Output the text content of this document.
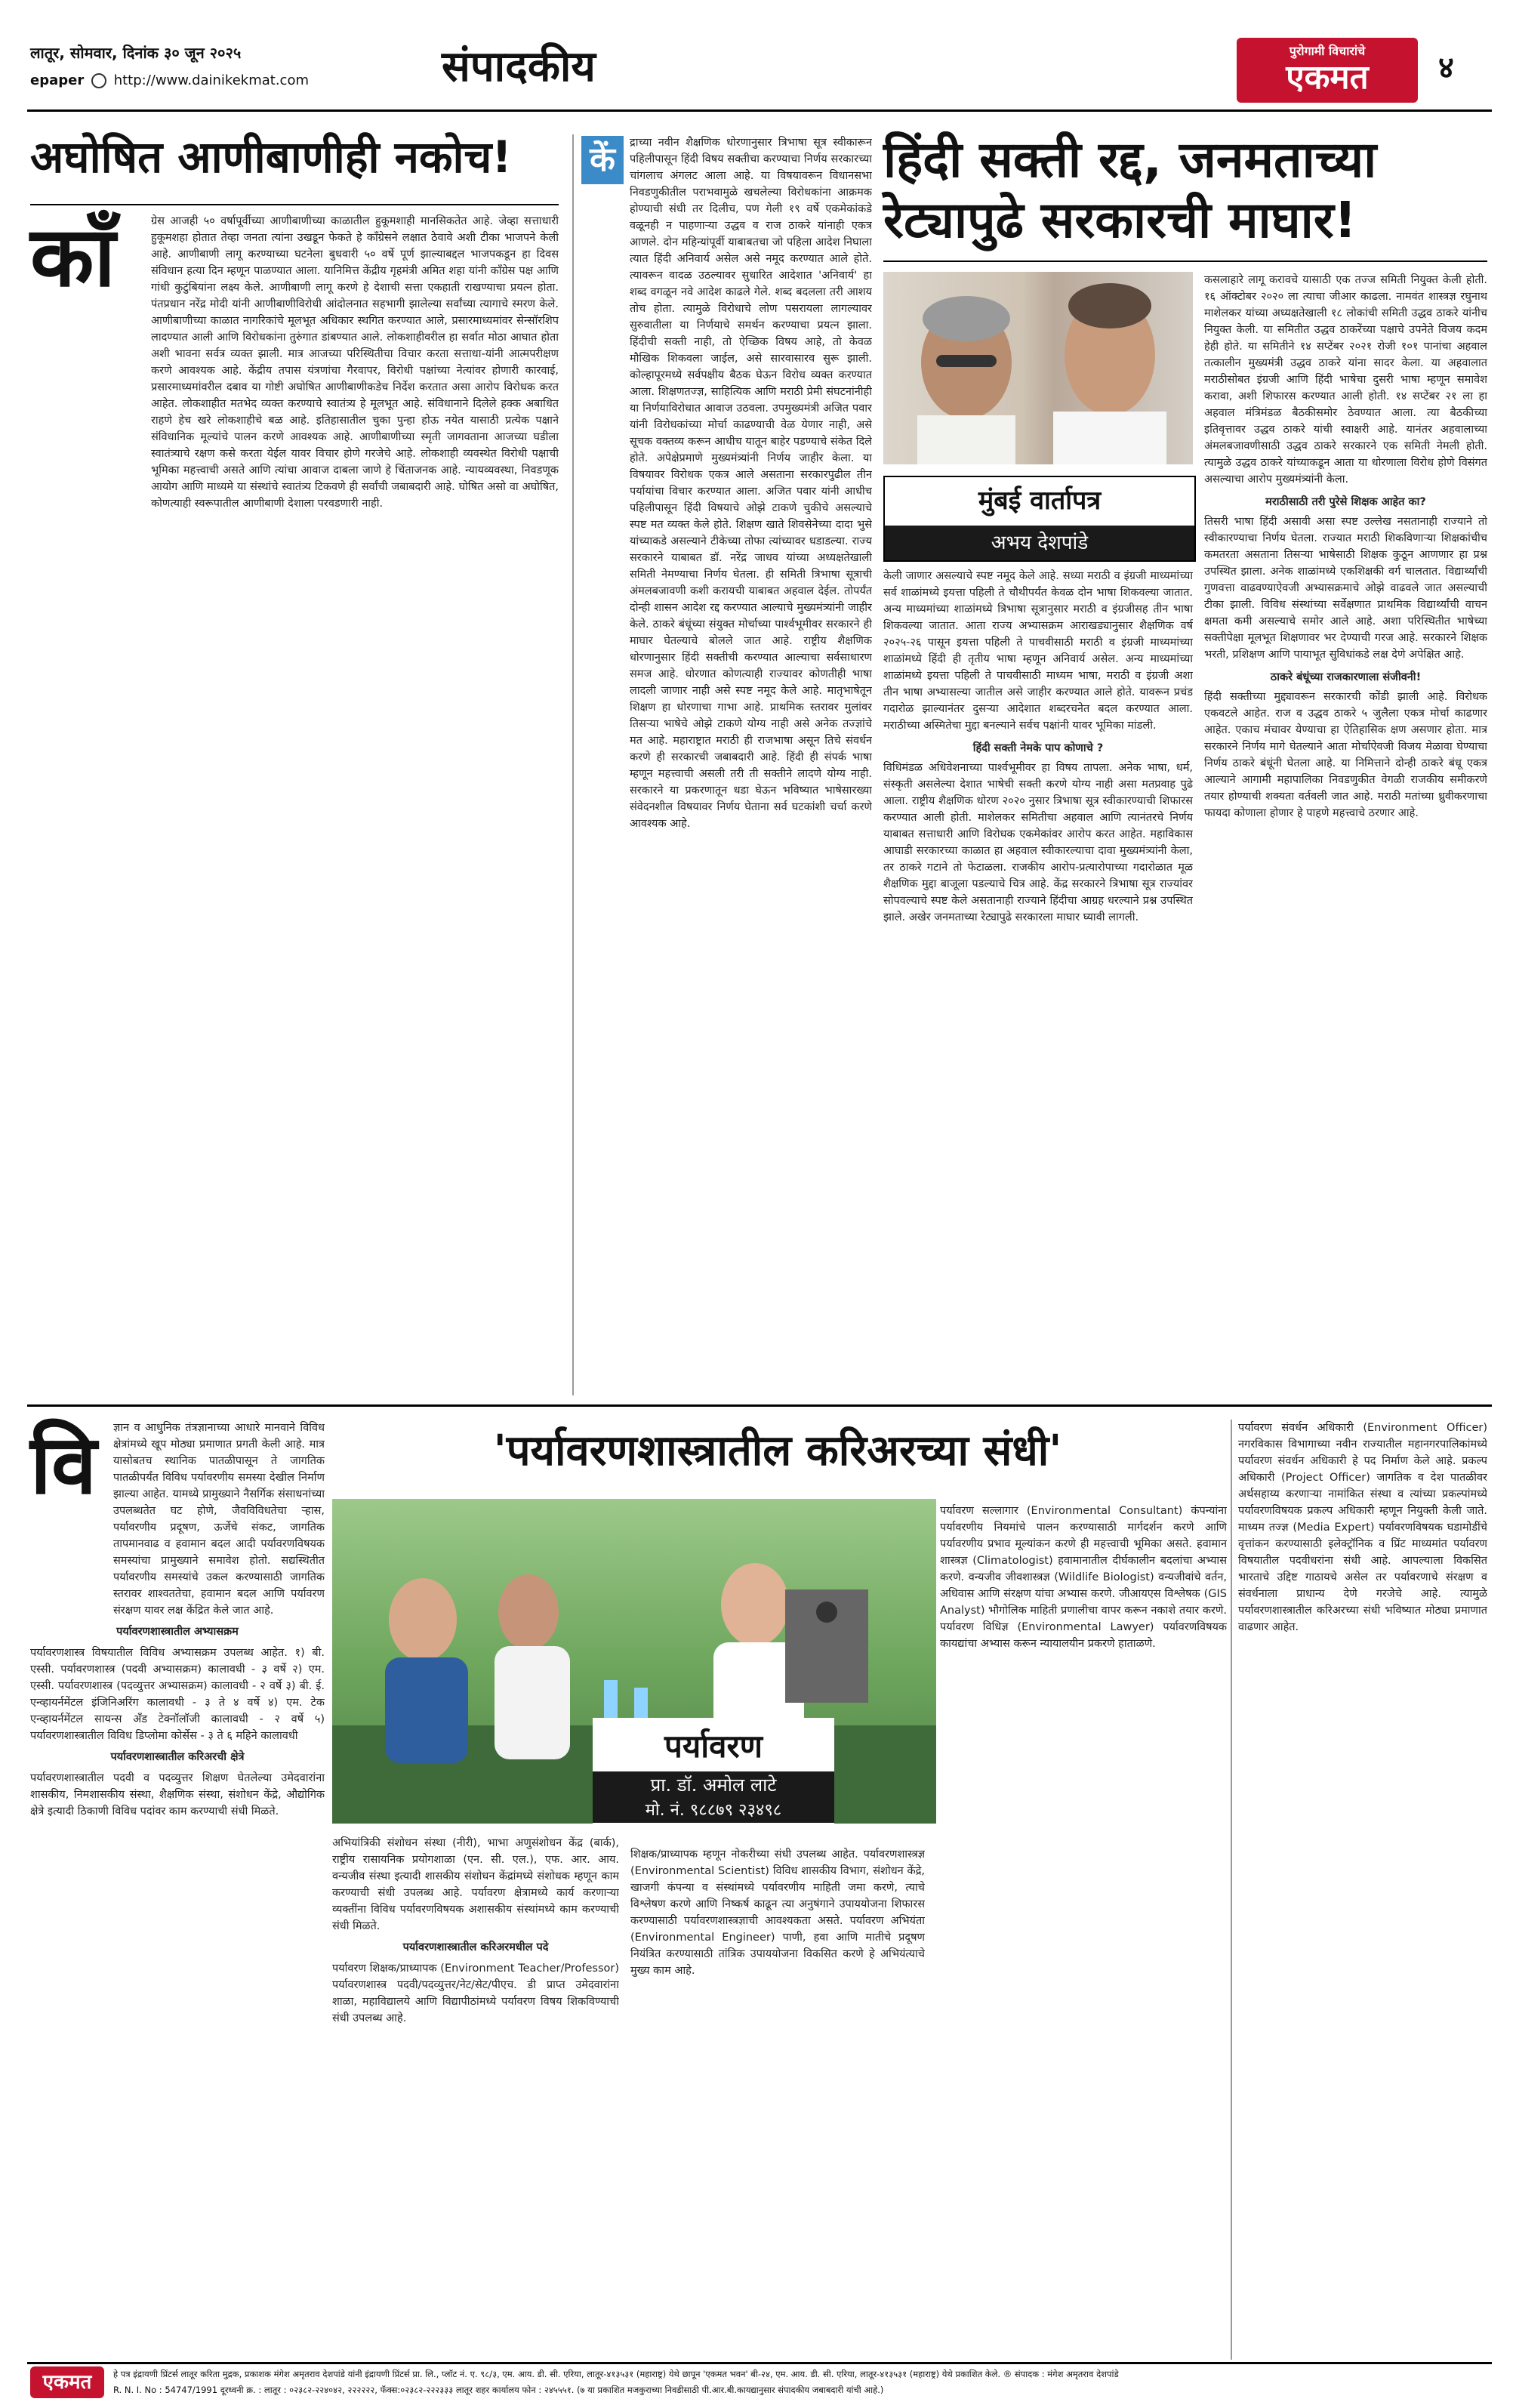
लातूर, सोमवार, दिनांक ३० जून २०२५
epaper http://www.dainikekmat.com	संपादकीय	पुरोगामी विचारांचे
एकमत	४
अघोषित आणीबाणीही नकोच!
कॉं	ग्रेस आजही ५० वर्षापूर्वीच्या आणीबाणीच्या काळातील हुकूमशाही मानसिकतेत आहे. जेव्हा सत्ताधारी हुकूमशहा होतात तेव्हा जनता त्यांना उखडून फेकते हे कॉंग्रेसने लक्षात ठेवावे अशी टीका भाजपने केली आहे. आणीबाणी लागू करण्याच्या घटनेला बुधवारी ५० वर्षे पूर्ण झाल्याबद्दल भाजपकडून हा दिवस संविधान हत्या दिन म्हणून पाळण्यात आला. यानिमित्त केंद्रीय गृहमंत्री अमित शहा यांनी कॉंग्रेस पक्ष आणि गांधी कुटुंबियांना लक्ष्य केले. आणीबाणी लागू करणे हे देशाची सत्ता एकहाती राखण्याचा प्रयत्न होता. पंतप्रधान नरेंद्र मोदी यांनी आणीबाणीविरोधी आंदोलनात सहभागी झालेल्या सर्वांच्या त्यागाचे स्मरण केले. आणीबाणीच्या काळात नागरिकांचे मूलभूत अधिकार स्थगित करण्यात आले, प्रसारमाध्यमांवर सेन्सॉरशिप लादण्यात आली आणि विरोधकांना तुरुंगात डांबण्यात आले. लोकशाहीवरील हा सर्वात मोठा आघात होता अशी भावना सर्वत्र व्यक्त झाली. मात्र आजच्या परिस्थितीचा विचार करता सत्ताधा-यांनी आत्मपरीक्षण करणे आवश्यक आहे. केंद्रीय तपास यंत्रणांचा गैरवापर, विरोधी पक्षांच्या नेत्यांवर होणारी कारवाई, प्रसारमाध्यमांवरील दबाव या गोष्टी अघोषित आणीबाणीकडेच निर्देश करतात असा आरोप विरोधक करत आहेत. लोकशाहीत मतभेद व्यक्त करण्याचे स्वातंत्र्य हे मूलभूत आहे. संविधानाने दिलेले हक्क अबाधित राहणे हेच खरे लोकशाहीचे बळ आहे. इतिहासातील चुका पुन्हा होऊ नयेत यासाठी प्रत्येक पक्षाने संविधानिक मूल्यांचे पालन करणे आवश्यक आहे. आणीबाणीच्या स्मृती जागवताना आजच्या घडीला स्वातंत्र्याचे रक्षण कसे करता येईल यावर विचार होणे गरजेचे आहे. लोकशाही व्यवस्थेत विरोधी पक्षाची भूमिका महत्त्वाची असते आणि त्यांचा आवाज दाबला जाणे हे चिंताजनक आहे. न्यायव्यवस्था, निवडणूक आयोग आणि माध्यमे या संस्थांचे स्वातंत्र्य टिकवणे ही सर्वांची जबाबदारी आहे. घोषित असो वा अघोषित, कोणत्याही स्वरूपातील आणीबाणी देशाला परवडणारी नाही.

कें	द्राच्या नवीन शैक्षणिक धोरणानुसार त्रिभाषा सूत्र स्वीकारून पहिलीपासून हिंदी विषय सक्तीचा करण्याचा निर्णय सरकारच्या चांगलाच अंगलट आला आहे. या विषयावरून विधानसभा निवडणुकीतील पराभवामुळे खचलेल्या विरोधकांना आक्रमक होण्याची संधी तर दिलीच, पण गेली १९ वर्षे एकमेकांकडे वळूनही न पाहणाऱ्या उद्धव व राज ठाकरे यांनाही एकत्र आणले. दोन महिन्यांपूर्वी याबाबतचा जो पहिला आदेश निघाला त्यात हिंदी अनिवार्य असेल असे नमूद करण्यात आले होते. त्यावरून वादळ उठल्यावर सुधारित आदेशात 'अनिवार्य' हा शब्द वगळून नवे आदेश काढले गेले. शब्द बदलला तरी आशय तोच होता. त्यामुळे विरोधाचे लोण पसरायला लागल्यावर सुरुवातीला या निर्णयाचे समर्थन करण्याचा प्रयत्न झाला. हिंदीची सक्ती नाही, तो ऐच्छिक विषय आहे, तो केवळ मौखिक शिकवला जाईल, असे सारवासारव सुरू झाली. कोल्हापूरमध्ये सर्वपक्षीय बैठक घेऊन विरोध व्यक्त करण्यात आला. शिक्षणतज्ज्ञ, साहित्यिक आणि मराठी प्रेमी संघटनांनीही या निर्णयाविरोधात आवाज उठवला. उपमुख्यमंत्री अजित पवार यांनी विरोधकांच्या मोर्चा काढण्याची वेळ येणार नाही, असे सूचक वक्तव्य करून आधीच यातून बाहेर पडण्याचे संकेत दिले होते. अपेक्षेप्रमाणे मुख्यमंत्र्यांनी निर्णय जाहीर केला. या विषयावर विरोधक एकत्र आले असताना सरकारपुढील तीन पर्यायांचा विचार करण्यात आला. अजित पवार यांनी आधीच पहिलीपासून हिंदी विषयाचे ओझे टाकणे चुकीचे असल्याचे स्पष्ट मत व्यक्त केले होते. शिक्षण खाते शिवसेनेच्या दादा भुसे यांच्याकडे असल्याने टीकेच्या तोफा त्यांच्यावर धडाडल्या. राज्य सरकारने याबाबत डॉ. नरेंद्र जाधव यांच्या अध्यक्षतेखाली समिती नेमण्याचा निर्णय घेतला. ही समिती त्रिभाषा सूत्राची अंमलबजावणी कशी करायची याबाबत अहवाल देईल. तोपर्यंत दोन्ही शासन आदेश रद्द करण्यात आल्याचे मुख्यमंत्र्यांनी जाहीर केले. ठाकरे बंधूंच्या संयुक्त मोर्चाच्या पार्श्वभूमीवर सरकारने ही माघार घेतल्याचे बोलले जात आहे. राष्ट्रीय शैक्षणिक धोरणानुसार हिंदी सक्तीची करण्यात आल्याचा सर्वसाधारण समज आहे. धोरणात कोणत्याही राज्यावर कोणतीही भाषा लादली जाणार नाही असे स्पष्ट नमूद केले आहे. मातृभाषेतून शिक्षण हा धोरणाचा गाभा आहे. प्राथमिक स्तरावर मुलांवर तिसऱ्या भाषेचे ओझे टाकणे योग्य नाही असे अनेक तज्ज्ञांचे मत आहे. महाराष्ट्रात मराठी ही राजभाषा असून तिचे संवर्धन करणे ही सरकारची जबाबदारी आहे. हिंदी ही संपर्क भाषा म्हणून महत्त्वाची असली तरी ती सक्तीने लादणे योग्य नाही. सरकारने या प्रकरणातून धडा घेऊन भविष्यात भाषेसारख्या संवेदनशील विषयावर निर्णय घेताना सर्व घटकांशी चर्चा करणे आवश्यक आहे.

हिंदी सक्ती रद्द, जनमताच्या रेट्यापुढे सरकारची माघार!

कसलाहारे लागू करावचे यासाठी एक तज्ज समिती नियुक्त केली होती. १६ ऑक्टोबर २०२० ला त्याचा जीआर काढला. नामवंत शास्त्रज्ञ रघुनाथ माशेलकर यांच्या अध्यक्षतेखाली १८ लोकांची समिती उद्धव ठाकरे यांनीच नियुक्त केली. या समितीत उद्धव ठाकरेंच्या पक्षाचे उपनेते विजय कदम हेही होते. या समितीने १४ सप्टेंबर २०२१ रोजी १०१ पानांचा अहवाल तत्कालीन मुख्यमंत्री उद्धव ठाकरे यांना सादर केला. या अहवालात मराठीसोबत इंग्रजी आणि हिंदी भाषेचा दुसरी भाषा म्हणून समावेश करावा, अशी शिफारस करण्यात आली होती. १४ सप्टेंबर २१ ला हा अहवाल मंत्रिमंडळ बैठकीसमोर ठेवण्यात आला. त्या बैठकीच्या इतिवृत्तावर उद्धव ठाकरे यांची स्वाक्षरी आहे. यानंतर अहवालाच्या अंमलबजावणीसाठी उद्धव ठाकरे सरकारने एक समिती नेमली होती. त्यामुळे उद्धव ठाकरे यांच्याकडून आता या धोरणाला विरोध होणे विसंगत असल्याचा आरोप मुख्यमंत्र्यांनी केला.

मराठीसाठी तरी पुरेसे शिक्षक आहेत का?

तिसरी भाषा हिंदी असावी असा स्पष्ट उल्लेख नसतानाही राज्याने तो स्वीकारण्याचा निर्णय घेतला. राज्यात मराठी शिकविणाऱ्या शिक्षकांचीच कमतरता असताना तिसऱ्या भाषेसाठी शिक्षक कुठून आणणार हा प्रश्न उपस्थित झाला. अनेक शाळांमध्ये एकशिक्षकी वर्ग चालतात. विद्यार्थ्यांची गुणवत्ता वाढवण्याऐवजी अभ्यासक्रमाचे ओझे वाढवले जात असल्याची टीका झाली. विविध संस्थांच्या सर्वेक्षणात प्राथमिक विद्यार्थ्यांची वाचन क्षमता कमी असल्याचे समोर आले आहे. अशा परिस्थितीत भाषेच्या सक्तीपेक्षा मूलभूत शिक्षणावर भर देण्याची गरज आहे. सरकारने शिक्षक भरती, प्रशिक्षण आणि पायाभूत सुविधांकडे लक्ष देणे अपेक्षित आहे.

ठाकरे बंधूंच्या राजकारणाला संजीवनी!

हिंदी सक्तीच्या मुद्द्यावरून सरकारची कोंडी झाली आहे. विरोधक एकवटले आहेत. राज व उद्धव ठाकरे ५ जुलैला एकत्र मोर्चा काढणार आहेत. एकाच मंचावर येण्याचा हा ऐतिहासिक क्षण असणार होता. मात्र सरकारने निर्णय मागे घेतल्याने आता मोर्चाऐवजी विजय मेळावा घेण्याचा निर्णय ठाकरे बंधूंनी घेतला आहे. या निमित्ताने दोन्ही ठाकरे बंधू एकत्र आल्याने आगामी महापालिका निवडणुकीत वेगळी राजकीय समीकरणे तयार होण्याची शक्यता वर्तवली जात आहे. मराठी मतांच्या ध्रुवीकरणाचा फायदा कोणाला होणार हे पाहणे महत्त्वाचे ठरणार आहे.

मुंबई वार्तापत्र
अभय देशपांडे

केली जाणार असल्याचे स्पष्ट नमूद केले आहे. सध्या मराठी व इंग्रजी माध्यमांच्या सर्व शाळांमध्ये इयत्ता पहिली ते चौथीपर्यंत केवळ दोन भाषा शिकवल्या जातात. अन्य माध्यमांच्या शाळांमध्ये त्रिभाषा सूत्रानुसार मराठी व इंग्रजीसह तीन भाषा शिकवल्या जातात. आता राज्य अभ्यासक्रम आराखड्यानुसार शैक्षणिक वर्ष २०२५-२६ पासून इयत्ता पहिली ते पाचवीसाठी मराठी व इंग्रजी माध्यमांच्या शाळांमध्ये हिंदी ही तृतीय भाषा म्हणून अनिवार्य असेल. अन्य माध्यमांच्या शाळांमध्ये इयत्ता पहिली ते पाचवीसाठी माध्यम भाषा, मराठी व इंग्रजी अशा तीन भाषा अभ्यासल्या जातील असे जाहीर करण्यात आले होते. यावरून प्रचंड गदारोळ झाल्यानंतर दुसऱ्या आदेशात शब्दरचनेत बदल करण्यात आला. मराठीच्या अस्मितेचा मुद्दा बनल्याने सर्वच पक्षांनी यावर भूमिका मांडली.

हिंदी सक्ती नेमके पाप कोणाचे ?

विधिमंडळ अधिवेशनाच्या पार्श्वभूमीवर हा विषय तापला. अनेक भाषा, धर्म, संस्कृती असलेल्या देशात भाषेची सक्ती करणे योग्य नाही असा मतप्रवाह पुढे आला. राष्ट्रीय शैक्षणिक धोरण २०२० नुसार त्रिभाषा सूत्र स्वीकारण्याची शिफारस करण्यात आली होती. माशेलकर समितीचा अहवाल आणि त्यानंतरचे निर्णय याबाबत सत्ताधारी आणि विरोधक एकमेकांवर आरोप करत आहेत. महाविकास आघाडी सरकारच्या काळात हा अहवाल स्वीकारल्याचा दावा मुख्यमंत्र्यांनी केला, तर ठाकरे गटाने तो फेटाळला. राजकीय आरोप-प्रत्यारोपाच्या गदारोळात मूळ शैक्षणिक मुद्दा बाजूला पडल्याचे चित्र आहे. केंद्र सरकारने त्रिभाषा सूत्र राज्यांवर सोपवल्याचे स्पष्ट केले असतानाही राज्याने हिंदीचा आग्रह धरल्याने प्रश्न उपस्थित झाले. अखेर जनमताच्या रेट्यापुढे सरकारला माघार घ्यावी लागली.

वि	ज्ञान व आधुनिक तंत्रज्ञानाच्या आधारे मानवाने विविध क्षेत्रांमध्ये खूप मोठ्या प्रमाणात प्रगती केली आहे. मात्र यासोबतच स्थानिक पातळीपासून ते जागतिक पातळीपर्यंत विविध पर्यावरणीय समस्या देखील निर्माण झाल्या आहेत. यामध्ये प्रामुख्याने नैसर्गिक संसाधनांच्या उपलब्धतेत घट होणे, जैवविविधतेचा ऱ्हास, पर्यावरणीय प्रदूषण, ऊर्जेचे संकट, जागतिक तापमानवाढ व हवामान बदल आदी पर्यावरणविषयक समस्यांचा प्रामुख्याने समावेश होतो. सद्यस्थितीत पर्यावरणीय समस्यांचे उकल करण्यासाठी जागतिक स्तरावर शाश्वततेचा, हवामान बदल आणि पर्यावरण संरक्षण यावर लक्ष केंद्रित केले जात आहे.

पर्यावरणशास्त्रातील अभ्यासक्रम

पर्यावरणशास्त्र विषयातील विविध अभ्यासक्रम उपलब्ध आहेत. १) बी. एस्सी. पर्यावरणशास्त्र (पदवी अभ्यासक्रम) कालावधी - ३ वर्षे २) एम. एस्सी. पर्यावरणशास्त्र (पदव्युत्तर अभ्यासक्रम) कालावधी - २ वर्षे ३) बी. ई. एन्व्हायर्नमेंटल इंजिनिअरिंग कालावधी - ३ ते ४ वर्षे ४) एम. टेक एन्व्हायर्नमेंटल सायन्स अँड टेक्नॉलॉजी कालावधी - २ वर्षे ५) पर्यावरणशास्त्रातील विविध डिप्लोमा कोर्सेस - ३ ते ६ महिने कालावधी

पर्यावरणशास्त्रातील करिअरची क्षेत्रे

पर्यावरणशास्त्रातील पदवी व पदव्युत्तर शिक्षण घेतलेल्या उमेदवारांना शासकीय, निमशासकीय संस्था, शैक्षणिक संस्था, संशोधन केंद्रे, औद्योगिक क्षेत्रे इत्यादी ठिकाणी विविध पदांवर काम करण्याची संधी मिळते.

'पर्यावरणशास्त्रातील करिअरच्या संधी'
पर्यावरण
प्रा. डॉ. अमोल लाटे
मो. नं. ९८८७९ २३४९८

अभियांत्रिकी संशोधन संस्था (नीरी), भाभा अणुसंशोधन केंद्र (बार्क), राष्ट्रीय रासायनिक प्रयोगशाळा (एन. सी. एल.), एफ. आर. आय. वन्यजीव संस्था इत्यादी शासकीय संशोधन केंद्रांमध्ये संशोधक म्हणून काम करण्याची संधी उपलब्ध आहे. पर्यावरण क्षेत्रामध्ये कार्य करणाऱ्या व्यक्तींना विविध पर्यावरणविषयक अशासकीय संस्थांमध्ये काम करण्याची संधी मिळते.

पर्यावरणशास्त्रातील करिअरमधील पदे

पर्यावरण शिक्षक/प्राध्यापक (Environment Teacher/Professor) पर्यावरणशास्त्र पदवी/पदव्युत्तर/नेट/सेट/पीएच. डी प्राप्त उमेदवारांना शाळा, महाविद्यालये आणि विद्यापीठांमध्ये पर्यावरण विषय शिकविण्याची संधी उपलब्ध आहे.

शिक्षक/प्राध्यापक म्हणून नोकरीच्या संधी उपलब्ध आहेत. पर्यावरणशास्त्रज्ञ (Environmental Scientist) विविध शासकीय विभाग, संशोधन केंद्रे, खाजगी कंपन्या व संस्थांमध्ये पर्यावरणीय माहिती जमा करणे, त्याचे विश्लेषण करणे आणि निष्कर्ष काढून त्या अनुषंगाने उपाययोजना शिफारस करण्यासाठी पर्यावरणशास्त्रज्ञाची आवश्यकता असते. पर्यावरण अभियंता (Environmental Engineer) पाणी, हवा आणि मातीचे प्रदूषण नियंत्रित करण्यासाठी तांत्रिक उपाययोजना विकसित करणे हे अभियंत्याचे मुख्य काम आहे.

पर्यावरण सल्लागार (Environmental Consultant) कंपन्यांना पर्यावरणीय नियमांचे पालन करण्यासाठी मार्गदर्शन करणे आणि पर्यावरणीय प्रभाव मूल्यांकन करणे ही महत्त्वाची भूमिका असते. हवामान शास्त्रज्ञ (Climatologist) हवामानातील दीर्घकालीन बदलांचा अभ्यास करणे. वन्यजीव जीवशास्त्रज्ञ (Wildlife Biologist) वन्यजीवांचे वर्तन, अधिवास आणि संरक्षण यांचा अभ्यास करणे. जीआयएस विश्लेषक (GIS Analyst) भौगोलिक माहिती प्रणालीचा वापर करून नकाशे तयार करणे. पर्यावरण विधिज्ञ (Environmental Lawyer) पर्यावरणविषयक कायद्यांचा अभ्यास करून न्यायालयीन प्रकरणे हाताळणे.

पर्यावरण संवर्धन अधिकारी (Environment Officer) नगरविकास विभागाच्या नवीन राज्यातील महानगरपालिकांमध्ये पर्यावरण संवर्धन अधिकारी हे पद निर्माण केले आहे. प्रकल्प अधिकारी (Project Officer) जागतिक व देश पातळीवर अर्थसहाय्य करणाऱ्या नामांकित संस्था व त्यांच्या प्रकल्पांमध्ये पर्यावरणविषयक प्रकल्प अधिकारी म्हणून नियुक्ती केली जाते. माध्यम तज्ज्ञ (Media Expert) पर्यावरणविषयक घडामोडींचे वृत्तांकन करण्यासाठी इलेक्ट्रॉनिक व प्रिंट माध्यमांत पर्यावरण विषयातील पदवीधरांना संधी आहे. आपल्याला विकसित भारताचे उद्दिष्ट गाठायचे असेल तर पर्यावरणाचे संरक्षण व संवर्धनाला प्राधान्य देणे गरजेचे आहे. त्यामुळे पर्यावरणशास्त्रातील करिअरच्या संधी भविष्यात मोठ्या प्रमाणात वाढणार आहेत.

एकमत	हे पत्र इंद्रायणी प्रिंटर्स लातूर करिता मुद्रक, प्रकाशक मंगेश अमृतराव देशपांडे यांनी इंद्रायणी प्रिंटर्स प्रा. लि., प्लॉट नं. ए. ९८/३, एम. आय. डी. सी. एरिया, लातूर-४१३५३१ (महाराष्ट्र) येथे छापून 'एकमत भवन' बी-२४, एम. आय. डी. सी. एरिया, लातूर-४१३५३१ (महाराष्ट्र) येथे प्रकाशित केले. ® संपादक : मंगेश अमृतराव देशपांडे
R. N. I. No : 54747/1991 दूरध्वनी क्र. : लातूर : ०२३८२-२२४०४२, २२२२२२, फॅक्स:०२३८२-२२२३३३ लातूर शहर कार्यालय फोन : २४५५५१. (७ या प्रकाशित मजकुराच्या निवडीसाठी पी.आर.बी.कायद्यानुसार संपादकीय जबाबदारी यांची आहे.)
